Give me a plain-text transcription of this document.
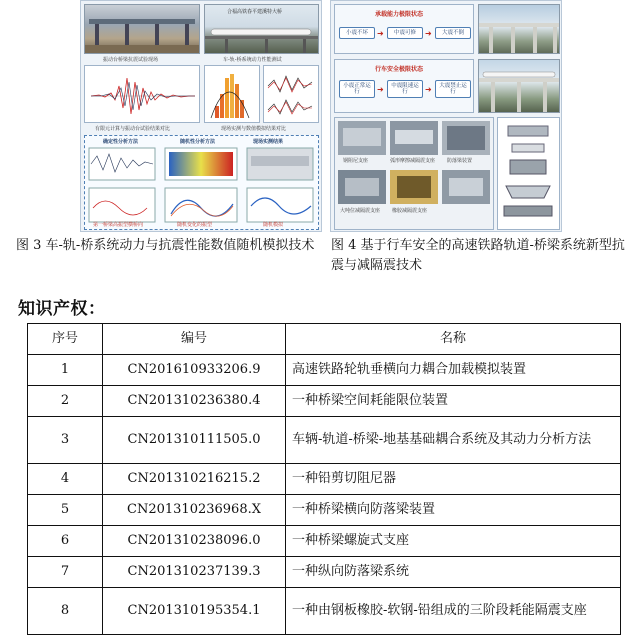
合福高铁春平建溪特大桥
振动台桥梁抗震试验现场	车-轨-桥系统动力性能测试
有限元计算与振动台试验结果对比	现场实测与数值模拟结果对比
确定性分析方法	随机性分析方法	现场实测结果
第一桥梁高振型横桥向	随机变化的振型	随机模拟
承载能力极限状态
小震不坏	➜	中震可修	➜	大震不倒
行车安全极限状态
小震正常运行	➜	中震限速运行	➜	大震禁止运行
钢阻尼支座	弧形摩擦减隔震支座 防落梁装置
大吨位减隔震支座 橡胶减隔震支座
图 3 车-轨-桥系统动力与抗震性能数值随机模拟技术	图 4 基于行车安全的高速铁路轨道-桥梁系统新型抗震与减隔震技术
知识产权：
序号	编号	名称
1	CN201610933206.9	高速铁路轮轨垂横向力耦合加载模拟装置
2	CN201310236380.4	一种桥梁空间耗能限位装置
3	CN201310111505.0	车辆-轨道-桥梁-地基基础耦合系统及其动力分析方法
4	CN201310216215.2	一种铅剪切阻尼器
5	CN201310236968.X	一种桥梁横向防落梁装置
6	CN201310238096.0	一种桥梁螺旋式支座
7	CN201310237139.3	一种纵向防落梁系统
8	CN201310195354.1	一种由钢板橡胶-软钢-铅组成的三阶段耗能隔震支座
